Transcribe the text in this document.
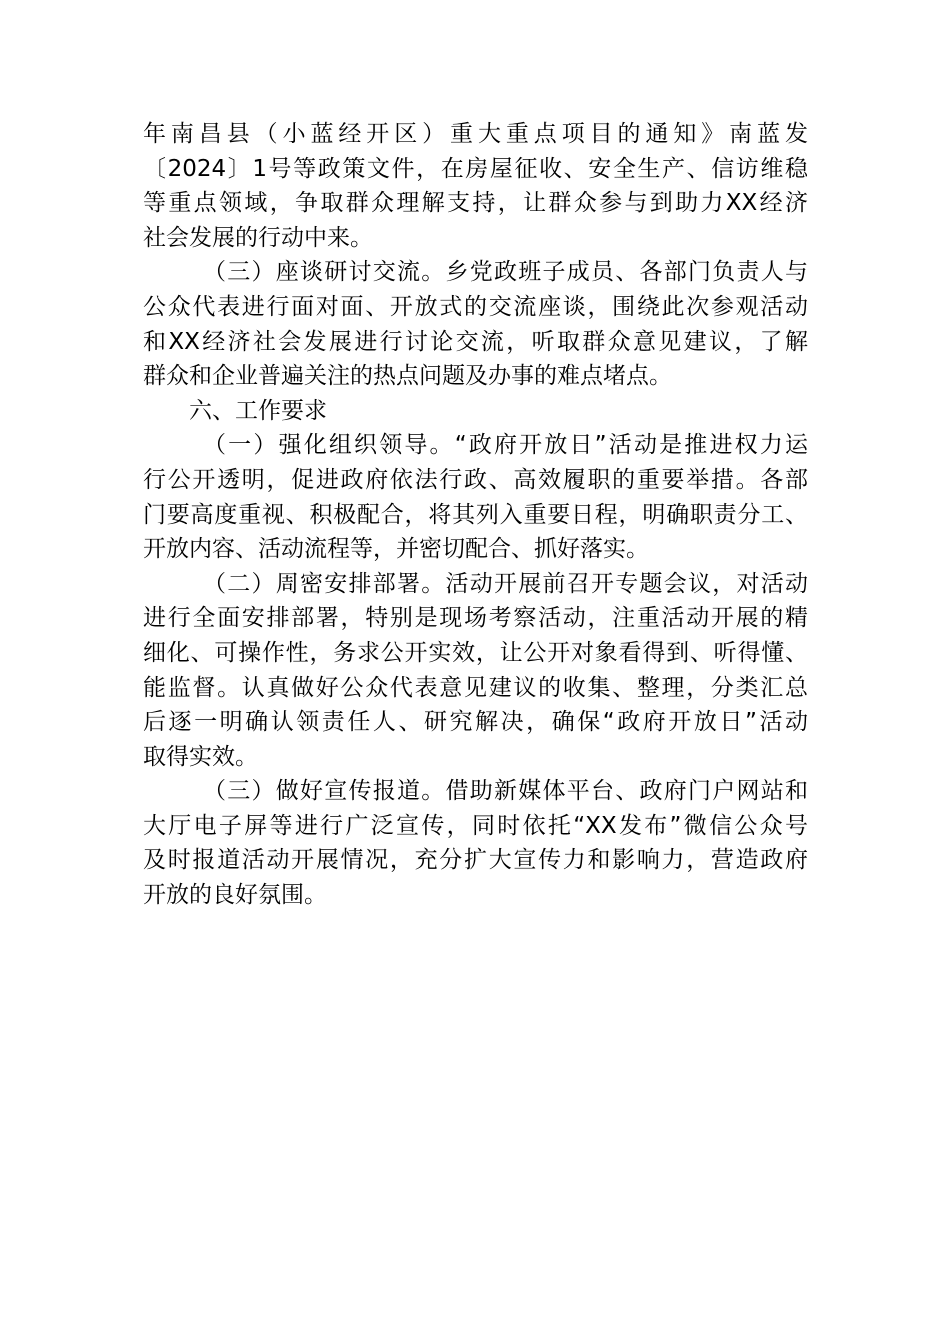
年南昌县（小蓝经开区）重大重点项目的通知》南蓝发
〔2024〕1号等政策文件，在房屋征收、安全生产、信访维稳
等重点领域，争取群众理解支持，让群众参与到助力XX经济
社会发展的行动中来。
（三）座谈研讨交流。乡党政班子成员、各部门负责人与
公众代表进行面对面、开放式的交流座谈，围绕此次参观活动
和XX经济社会发展进行讨论交流，听取群众意见建议，了解
群众和企业普遍关注的热点问题及办事的难点堵点。
六、工作要求
（一）强化组织领导。“政府开放日”活动是推进权力运
行公开透明，促进政府依法行政、高效履职的重要举措。各部
门要高度重视、积极配合，将其列入重要日程，明确职责分工、
开放内容、活动流程等，并密切配合、抓好落实。
（二）周密安排部署。活动开展前召开专题会议，对活动
进行全面安排部署，特别是现场考察活动，注重活动开展的精
细化、可操作性，务求公开实效，让公开对象看得到、听得懂、
能监督。认真做好公众代表意见建议的收集、整理，分类汇总
后逐一明确认领责任人、研究解决，确保“政府开放日”活动
取得实效。
（三）做好宣传报道。借助新媒体平台、政府门户网站和
大厅电子屏等进行广泛宣传，同时依托“XX发布”微信公众号
及时报道活动开展情况，充分扩大宣传力和影响力，营造政府
开放的良好氛围。
